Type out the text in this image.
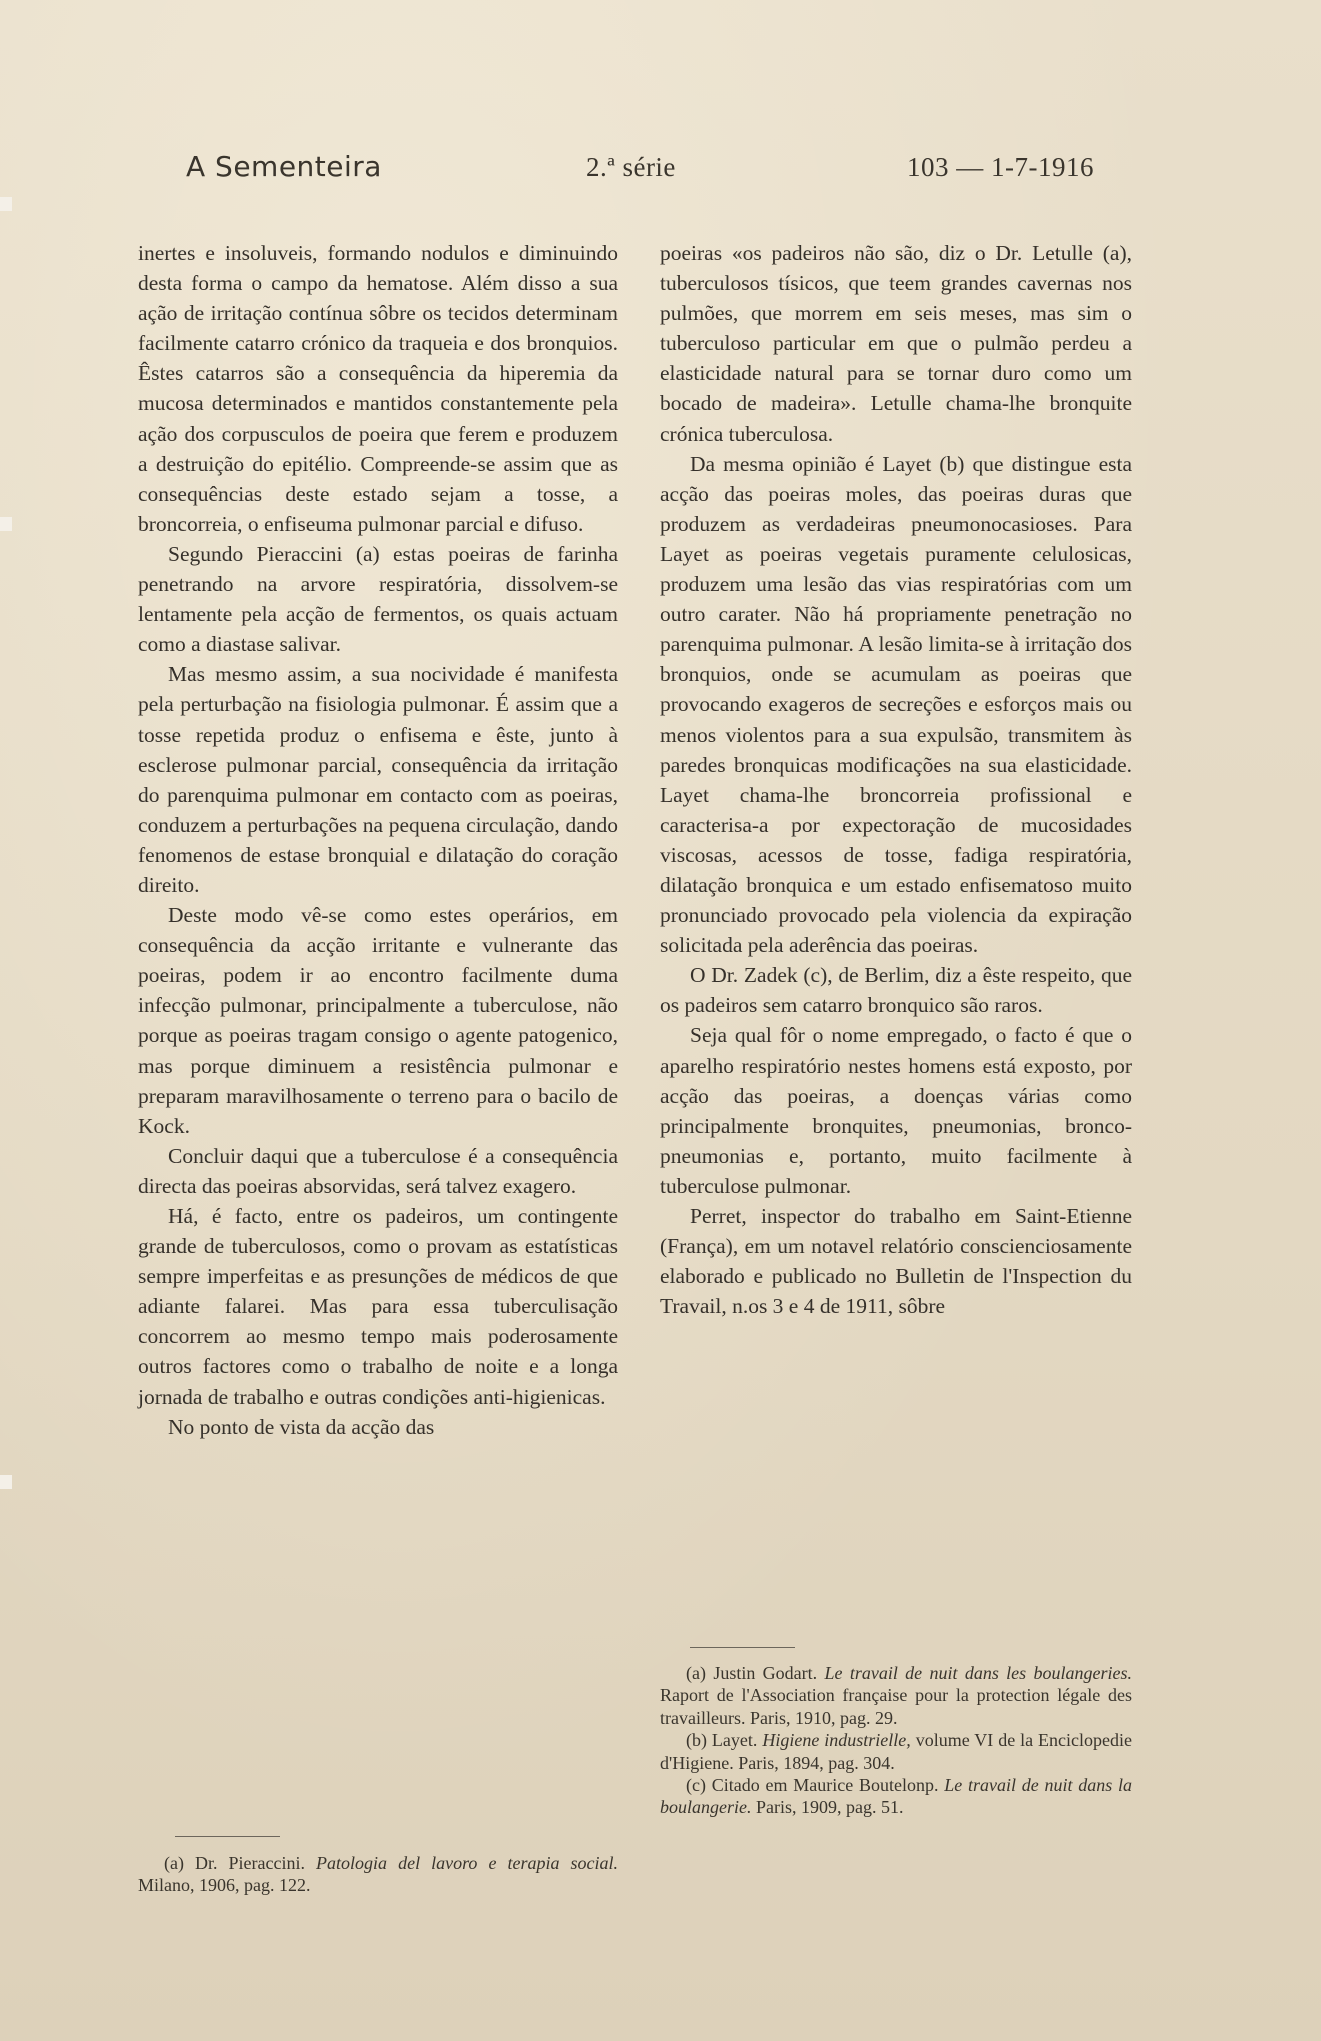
A Sementeira	2.ª série	103 — 1-7-1916

inertes e insoluveis, formando nodulos e diminuindo desta forma o campo da hematose. Além disso a sua ação de irritação contínua sôbre os tecidos determinam facilmente catarro crónico da traqueia e dos bronquios. Êstes catarros são a consequência da hiperemia da mucosa determinados e mantidos constantemente pela ação dos corpusculos de poeira que ferem e produzem a destruição do epitélio. Compreende-se assim que as consequências deste estado sejam a tosse, a broncorreia, o enfiseuma pulmonar parcial e difuso.

Segundo Pieraccini (a) estas poeiras de farinha penetrando na arvore respiratória, dissolvem-se lentamente pela acção de fermentos, os quais actuam como a diastase salivar.

Mas mesmo assim, a sua nocividade é manifesta pela perturbação na fisiologia pulmonar. É assim que a tosse repetida produz o enfisema e êste, junto à esclerose pulmonar parcial, consequência da irritação do parenquima pulmonar em contacto com as poeiras, conduzem a perturbações na pequena circulação, dando fenomenos de estase bronquial e dilatação do coração direito.

Deste modo vê-se como estes operários, em consequência da acção irritante e vulnerante das poeiras, podem ir ao encontro facilmente duma infecção pulmonar, principalmente a tuberculose, não porque as poeiras tragam consigo o agente patogenico, mas porque diminuem a resistência pulmonar e preparam maravilhosamente o terreno para o bacilo de Kock.

Concluir daqui que a tuberculose é a consequência directa das poeiras absorvidas, será talvez exagero.

Há, é facto, entre os padeiros, um contingente grande de tuberculosos, como o provam as estatísticas sempre imperfeitas e as presunções de médicos de que adiante falarei. Mas para essa tuberculisação concorrem ao mesmo tempo mais poderosamente outros factores como o trabalho de noite e a longa jornada de trabalho e outras condições anti-higienicas.

No ponto de vista da acção das

(a) Dr. Pieraccini. Patologia del lavoro e terapia social. Milano, 1906, pag. 122.

poeiras «os padeiros não são, diz o Dr. Letulle (a), tuberculosos tísicos, que teem grandes cavernas nos pulmões, que morrem em seis meses, mas sim o tuberculoso particular em que o pulmão perdeu a elasticidade natural para se tornar duro como um bocado de madeira». Letulle chama-lhe bronquite crónica tuberculosa.

Da mesma opinião é Layet (b) que distingue esta acção das poeiras moles, das poeiras duras que produzem as verdadeiras pneumonocasioses. Para Layet as poeiras vegetais puramente celulosicas, produzem uma lesão das vias respiratórias com um outro carater. Não há propriamente penetração no parenquima pulmonar. A lesão limita-se à irritação dos bronquios, onde se acumulam as poeiras que provocando exageros de secreções e esforços mais ou menos violentos para a sua expulsão, transmitem às paredes bronquicas modificações na sua elasticidade. Layet chama-lhe broncorreia profissional e caracterisa-a por expectoração de mucosidades viscosas, acessos de tosse, fadiga respiratória, dilatação bronquica e um estado enfisematoso muito pronunciado provocado pela violencia da expiração solicitada pela aderência das poeiras.

O Dr. Zadek (c), de Berlim, diz a êste respeito, que os padeiros sem catarro bronquico são raros.

Seja qual fôr o nome empregado, o facto é que o aparelho respiratório nestes homens está exposto, por acção das poeiras, a doenças várias como principalmente bronquites, pneumonias, bronco-pneumonias e, portanto, muito facilmente à tuberculose pulmonar.

Perret, inspector do trabalho em Saint-Etienne (França), em um notavel relatório conscienciosamente elaborado e publicado no Bulletin de l'Inspection du Travail, n.os 3 e 4 de 1911, sôbre

(a) Justin Godart. Le travail de nuit dans les boulangeries. Raport de l'Association française pour la protection légale des travailleurs. Paris, 1910, pag. 29.

(b) Layet. Higiene industrielle, volume VI de la Enciclopedie d'Higiene. Paris, 1894, pag. 304.

(c) Citado em Maurice Boutelonp. Le travail de nuit dans la boulangerie. Paris, 1909, pag. 51.
